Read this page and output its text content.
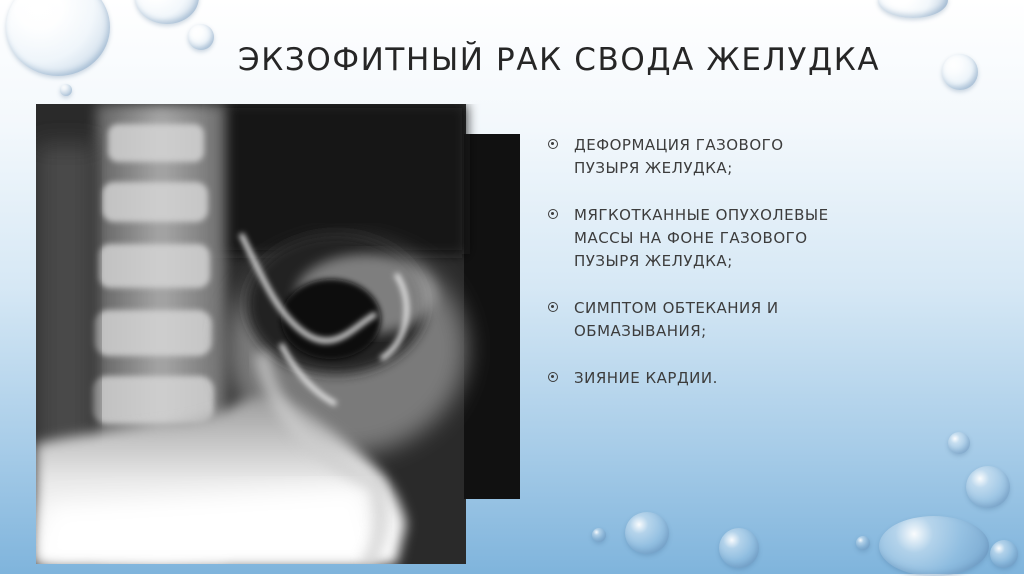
ЭКЗОФИТНЫЙ РАК СВОДА ЖЕЛУДКА
ДЕФОРМАЦИЯ ГАЗОВОГО ПУЗЫРЯ ЖЕЛУДКА;
МЯГКОТКАННЫЕ ОПУХОЛЕВЫЕ МАССЫ НА ФОНЕ ГАЗОВОГО ПУЗЫРЯ ЖЕЛУДКА;
СИМПТОМ ОБТЕКАНИЯ И ОБМАЗЫВАНИЯ;
ЗИЯНИЕ КАРДИИ.
